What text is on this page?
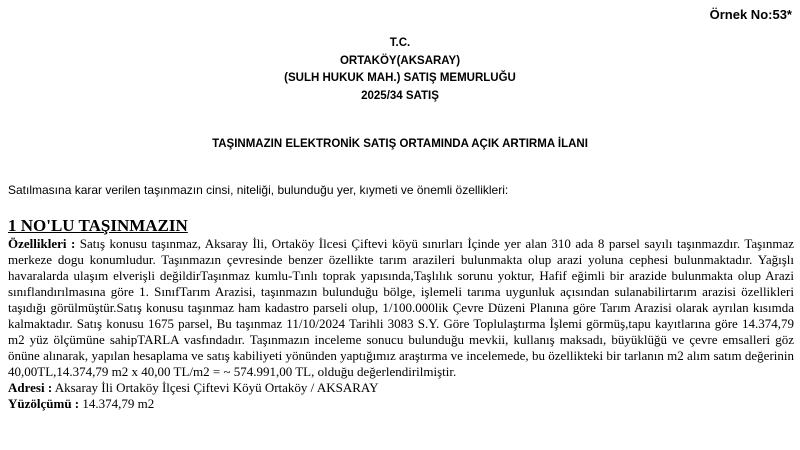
Örnek No:53*

T.C.
ORTAKÖY(AKSARAY)
(SULH HUKUK MAH.) SATIŞ MEMURLUĞU
2025/34 SATIŞ

TAŞINMAZIN ELEKTRONİK SATIŞ ORTAMINDA AÇIK ARTIRMA İLANI

Satılmasına karar verilen taşınmazın cinsi, niteliği, bulunduğu yer, kıymeti ve önemli özellikleri:

1 NO'LU TAŞINMAZIN

Özellikleri : Satış konusu taşınmaz, Aksaray İli, Ortaköy İlcesi Çiftevi köyü sınırları İçinde yer alan 310 ada 8 parsel sayılı taşınmazdır. Taşınmaz merkeze dogu konumludur. Taşınmazın çevresinde benzer özellikte tarım arazileri bulunmakta olup arazi yoluna cephesi bulunmaktadır. Yağışlı havaralarda ulaşım elverişli değildirTaşınmaz kumlu-Tınlı toprak yapısında,Taşlılık sorunu yoktur, Hafif eğimli bir arazide bulunmakta olup Arazi sınıflandırılmasına göre 1. SınıfTarım Arazisi, taşınmazın bulunduğu bölge, işlemeli tarıma uygunluk açısından sulanabilirtarım arazisi özellikleri taşıdığı görülmüştür.Satış konusu taşınmaz ham kadastro parseli olup, 1/100.000lik Çevre Düzeni Planına göre Tarım Arazisi olarak ayrılan kısımda kalmaktadır. Satış konusu 1675 parsel, Bu taşınmaz 11/10/2024 Tarihli 3083 S.Y. Göre Toplulaştırma İşlemi görmüş,tapu kayıtlarına göre 14.374,79 m2 yüz ölçümüne sahipTARLA vasfındadır. Taşınmazın inceleme sonucu bulunduğu mevkii, kullanış maksadı, büyüklüğü ve çevre emsalleri göz önüne alınarak, yapılan hesaplama ve satış kabiliyeti yönünden yaptığımız araştırma ve incelemede, bu özellikteki bir tarlanın m2 alım satım değerinin 40,00TL,14.374,79 m2 x 40,00 TL/m2 = ~ 574.991,00 TL, olduğu değerlendirilmiştir.

Adresi : Aksaray İli Ortaköy İlçesi Çiftevi Köyü Ortaköy / AKSARAY

Yüzölçümü : 14.374,79 m2
